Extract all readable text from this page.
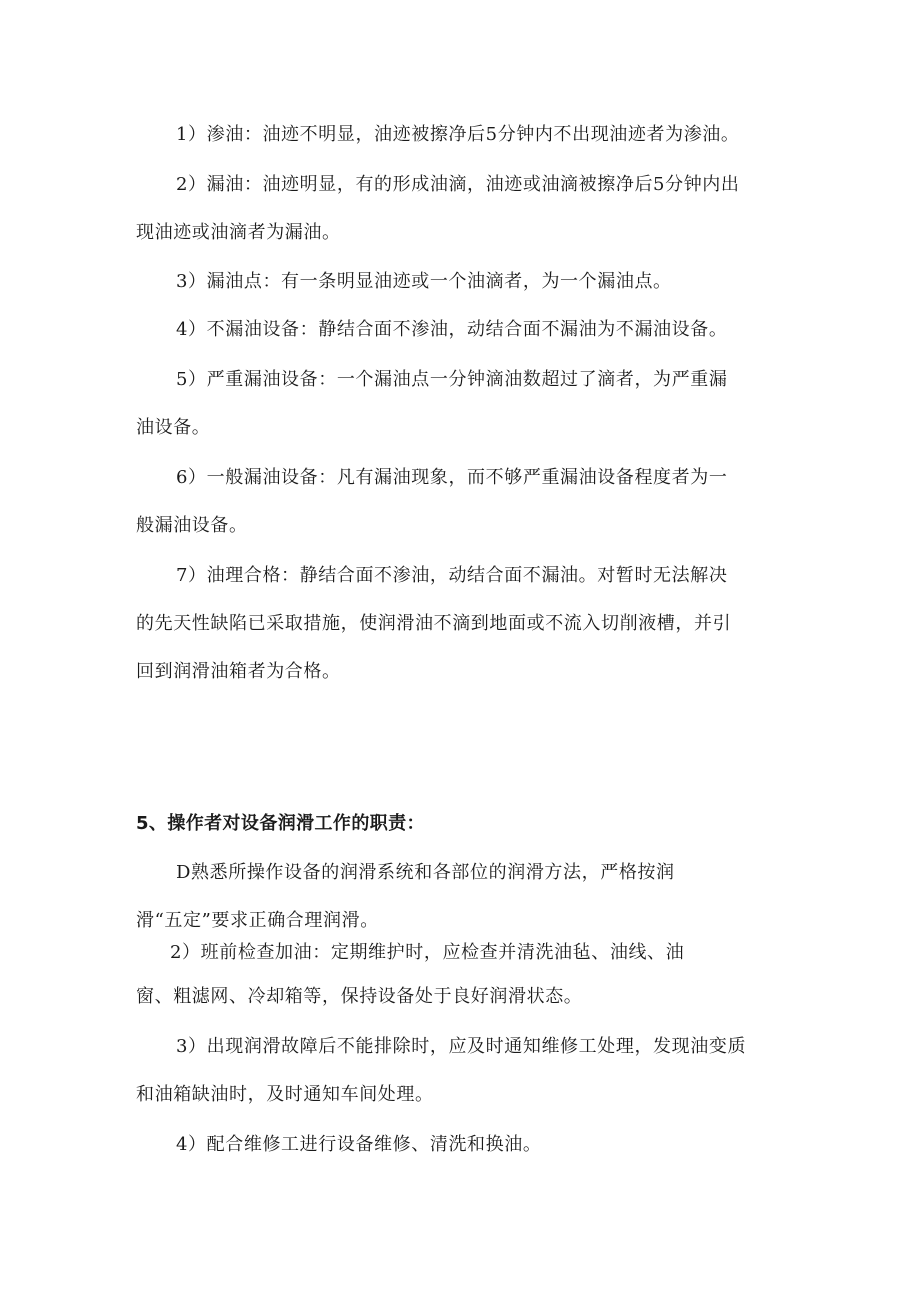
1）渗油：油迹不明显，油迹被擦净后5分钟内不出现油迹者为渗油。
2）漏油：油迹明显，有的形成油滴，油迹或油滴被擦净后5分钟内出
现油迹或油滴者为漏油。
3）漏油点：有一条明显油迹或一个油滴者，为一个漏油点。
4）不漏油设备：静结合面不渗油，动结合面不漏油为不漏油设备。
5）严重漏油设备：一个漏油点一分钟滴油数超过了滴者，为严重漏
油设备。
6）一般漏油设备：凡有漏油现象，而不够严重漏油设备程度者为一
般漏油设备。
7）油理合格：静结合面不渗油，动结合面不漏油。对暂时无法解决
的先天性缺陷已采取措施，使润滑油不滴到地面或不流入切削液槽，并引
回到润滑油箱者为合格。
5、操作者对设备润滑工作的职责：
D熟悉所操作设备的润滑系统和各部位的润滑方法，严格按润
滑“五定”要求正确合理润滑。
2）班前检查加油：定期维护时，应检查并清洗油毡、油线、油
窗、粗滤网、冷却箱等，保持设备处于良好润滑状态。
3）出现润滑故障后不能排除时，应及时通知维修工处理，发现油变质
和油箱缺油时，及时通知车间处理。
4）配合维修工进行设备维修、清洗和换油。
